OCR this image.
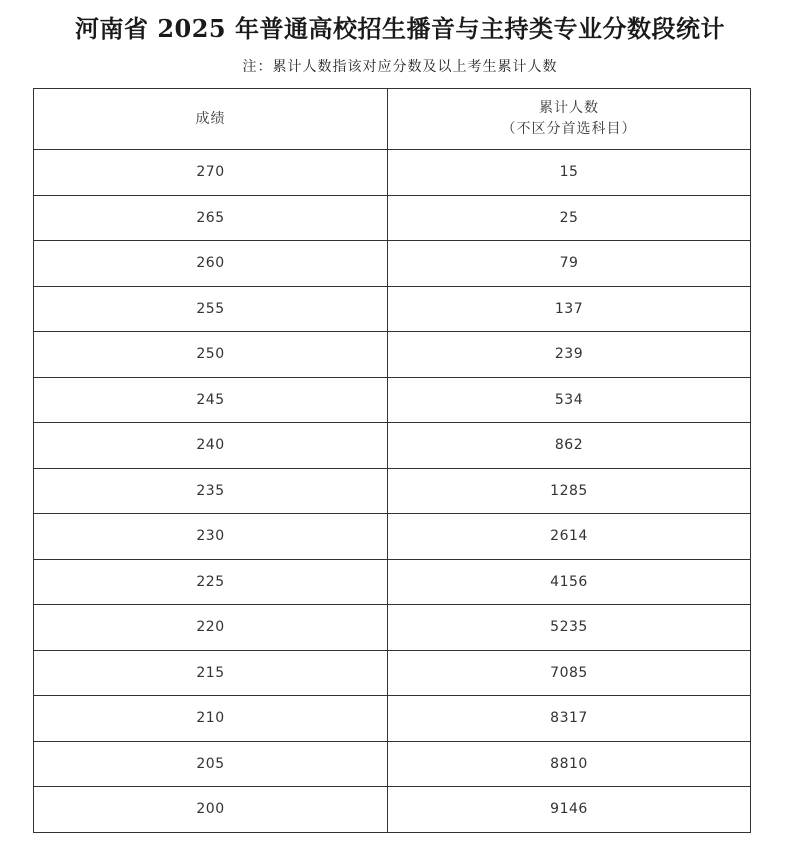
河南省 2025 年普通高校招生播音与主持类专业分数段统计
注：累计人数指该对应分数及以上考生累计人数
成绩	累计人数
（不区分首选科目）

270	15
265	25
260	79
255	137
250	239
245	534
240	862
235	1285
230	2614
225	4156
220	5235
215	7085
210	8317
205	8810
200	9146
